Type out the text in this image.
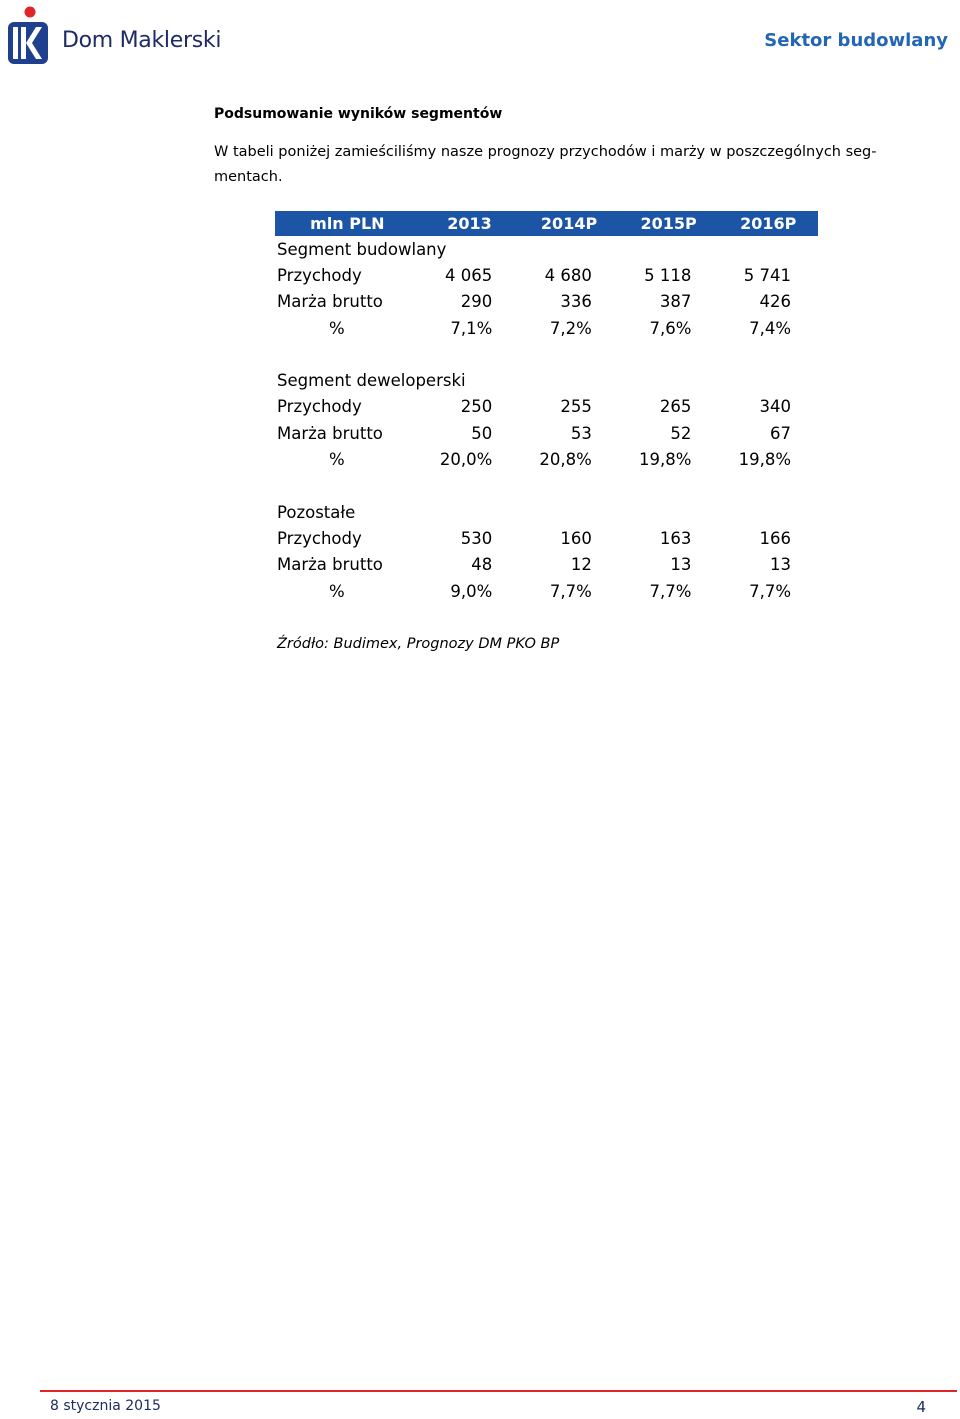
Dom Maklerski	Sektor budowlany
Podsumowanie wyników segmentów
W tabeli poniżej zamieściliśmy nasze prognozy przychodów i marży w poszczególnych seg-mentach.
mln PLN	2013	2014P	2015P	2016P
Segment budowlany				
Przychody	4 065	4 680	5 118	5 741
Marża brutto	290	336	387	426
%	7,1%	7,2%	7,6%	7,4%

Segment deweloperski				
Przychody	250	255	265	340
Marża brutto	50	53	52	67
%	20,0%	20,8%	19,8%	19,8%

Pozostałe				
Przychody	530	160	163	166
Marża brutto	48	12	13	13
%	9,0%	7,7%	7,7%	7,7%
Źródło: Budimex, Prognozy DM PKO BP
8 stycznia 2015	4
